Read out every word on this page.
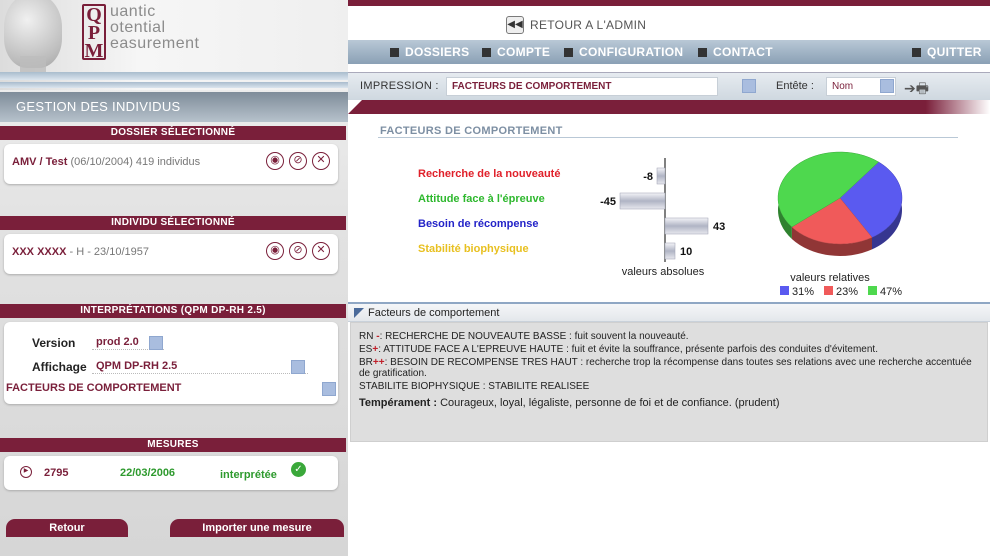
Q
P
M
uantic
otential
easurement
GESTION DES INDIVIDUS
DOSSIER SÉLECTIONNÉ
AMV / Test (06/10/2004) 419 individus	◉	⊘	✕
INDIVIDU SÉLECTIONNÉ
XXX XXXX - H - 23/10/1957	◉	⊘	✕
INTERPRÉTATIONS (QPM DP-RH 2.5)
Version prod 2.0
Affichage QPM DP-RH 2.5
FACTEURS DE COMPORTEMENT
MESURES
▶	2795	22/03/2006	interprétée	✓
Retour	Importer une mesure
◀◀ RETOUR A L'ADMIN
DOSSIERS	COMPTE	CONFIGURATION	CONTACT	QUITTER
IMPRESSION :	FACTEURS DE COMPORTEMENT	Entête :	Nom	➔🖶
FACTEURS DE COMPORTEMENT
Recherche de la nouveauté
Attitude face à l'épreuve
Besoin de récompense
Stabilité biophysique
-8
-45
43
10
valeurs absolues	valeurs relatives
31% 23% 47%
Facteurs de comportement

RN -: RECHERCHE DE NOUVEAUTE BASSE : fuit souvent la nouveauté.

ES+: ATTITUDE FACE A L'EPREUVE HAUTE : fuit et évite la souffrance, présente parfois des conduites d'évitement.

BR++: BESOIN DE RECOMPENSE TRES HAUT : recherche trop la récompense dans toutes ses relations avec une recherche accentuée de gratification.

STABILITE BIOPHYSIQUE : STABILITE REALISEE

Tempérament : Courageux, loyal, légaliste, personne de foi et de confiance. (prudent)
